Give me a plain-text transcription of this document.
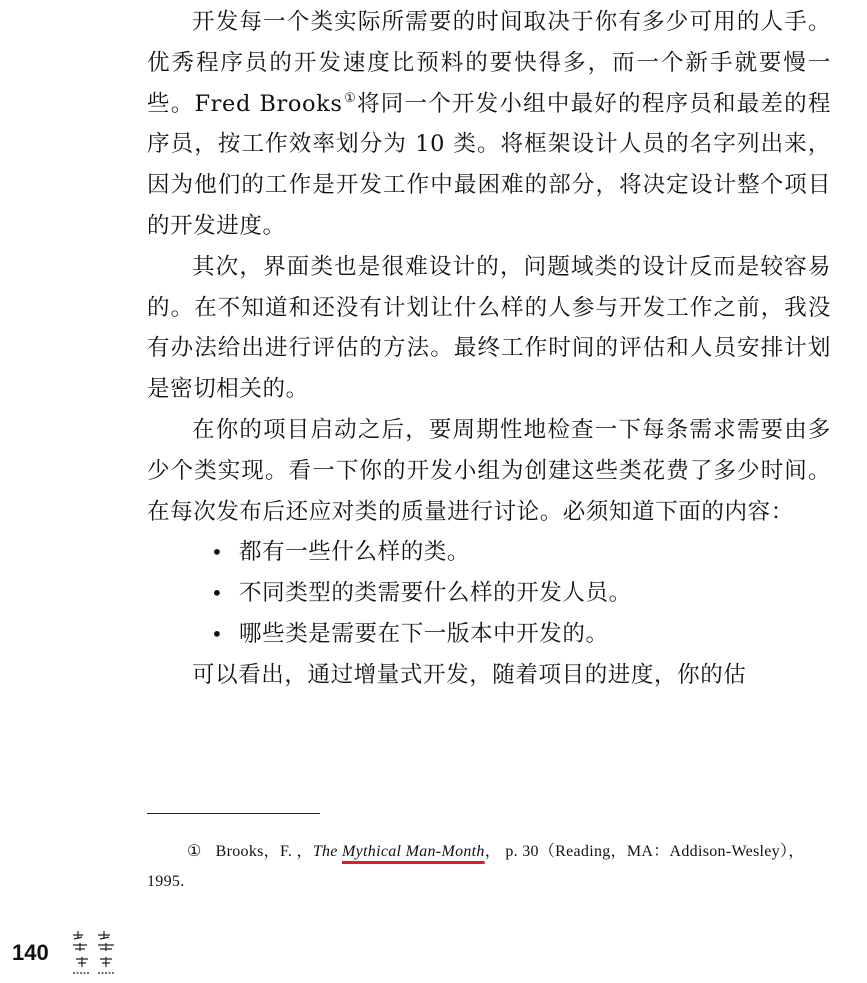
开发每一个类实际所需要的时间取决于你有多少可用的人手。优秀程序员的开发速度比预料的要快得多，而一个新手就要慢一些。Fred Brooks①将同一个开发小组中最好的程序员和最差的程序员，按工作效率划分为 10 类。将框架设计人员的名字列出来，因为他们的工作是开发工作中最困难的部分，将决定设计整个项目的开发进度。

其次，界面类也是很难设计的，问题域类的设计反而是较容易的。在不知道和还没有计划让什么样的人参与开发工作之前，我没有办法给出进行评估的方法。最终工作时间的评估和人员安排计划是密切相关的。

在你的项目启动之后，要周期性地检查一下每条需求需要由多少个类实现。看一下你的开发小组为创建这些类花费了多少时间。在每次发布后还应对类的质量进行讨论。必须知道下面的内容：

• 都有一些什么样的类。
• 不同类型的类需要什么样的开发人员。
• 哪些类是需要在下一版本中开发的。

可以看出，通过增量式开发，随着项目的进度，你的估

① Brooks，F. ，The Mythical Man-Month， p. 30（Reading，MA：Addison-Wesley），1995.
140
